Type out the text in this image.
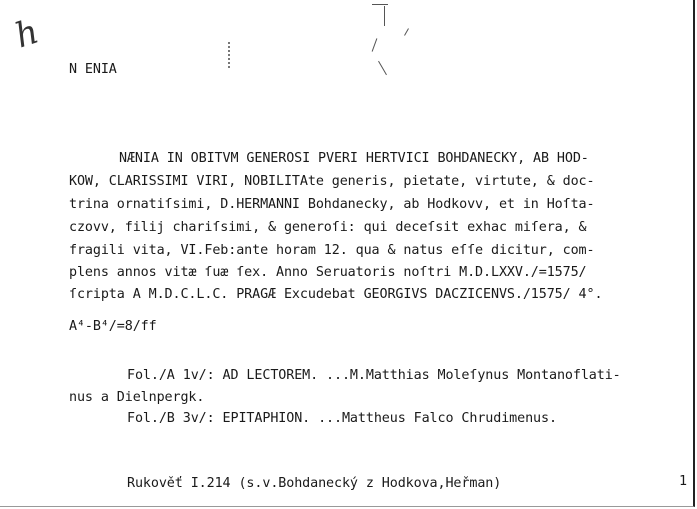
h
N ENIA
NÆNIA IN OBITVM GENEROSI PVERI HERTVICI BOHDANECKY, AB HOD-
KOW, CLARISSIMI VIRI, NOBILITAte generis, pietate, virtute, & doc-
trina ornatiſsimi, D.HERMANNI Bohdanecky, ab Hodkovv, et in Hoſta-
czovv, filij chariſsimi, & generoſi: qui deceſsit exhac miſera, &
fragili vita, VI.Feb:ante horam 12. qua & natus eſſe dicitur, com-
plens annos vitæ ſuæ ſex. Anno Seruatoris noſtri M.D.LXXV./=1575/
ſcripta A M.D.C.L.C. PRAGÆ Excudebat GEORGIVS DACZICENVS./1575/ 4°.
A⁴-B⁴/=8/ff
Fol./A 1v/: AD LECTOREM. ...M.Matthias Moleſynus Montanoflati-
nus a Dielnpergk.
Fol./B 3v/: EPITAPHION. ...Mattheus Falco Chrudimenus.
Rukověť I.214 (s.v.Bohdanecký z Hodkova,Heřman)	1
